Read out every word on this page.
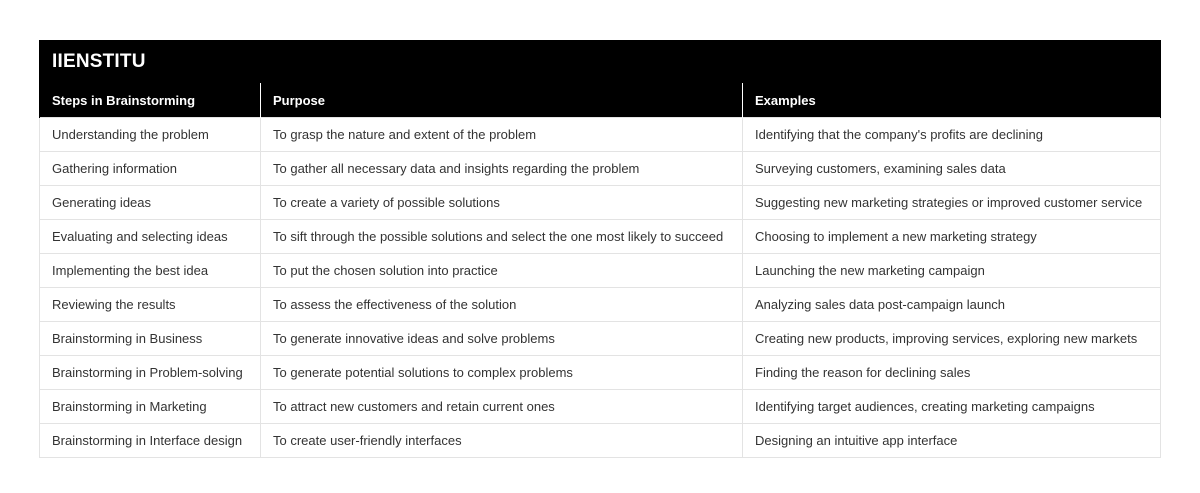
IIENSTITU		
Steps in Brainstorming	Purpose	Examples
Understanding the problem	To grasp the nature and extent of the problem	Identifying that the company's profits are declining
Gathering information	To gather all necessary data and insights regarding the problem	Surveying customers, examining sales data
Generating ideas	To create a variety of possible solutions	Suggesting new marketing strategies or improved customer service
Evaluating and selecting ideas	To sift through the possible solutions and select the one most likely to succeed	Choosing to implement a new marketing strategy
Implementing the best idea	To put the chosen solution into practice	Launching the new marketing campaign
Reviewing the results	To assess the effectiveness of the solution	Analyzing sales data post-campaign launch
Brainstorming in Business	To generate innovative ideas and solve problems	Creating new products, improving services, exploring new markets
Brainstorming in Problem-solving	To generate potential solutions to complex problems	Finding the reason for declining sales
Brainstorming in Marketing	To attract new customers and retain current ones	Identifying target audiences, creating marketing campaigns
Brainstorming in Interface design	To create user-friendly interfaces	Designing an intuitive app interface
